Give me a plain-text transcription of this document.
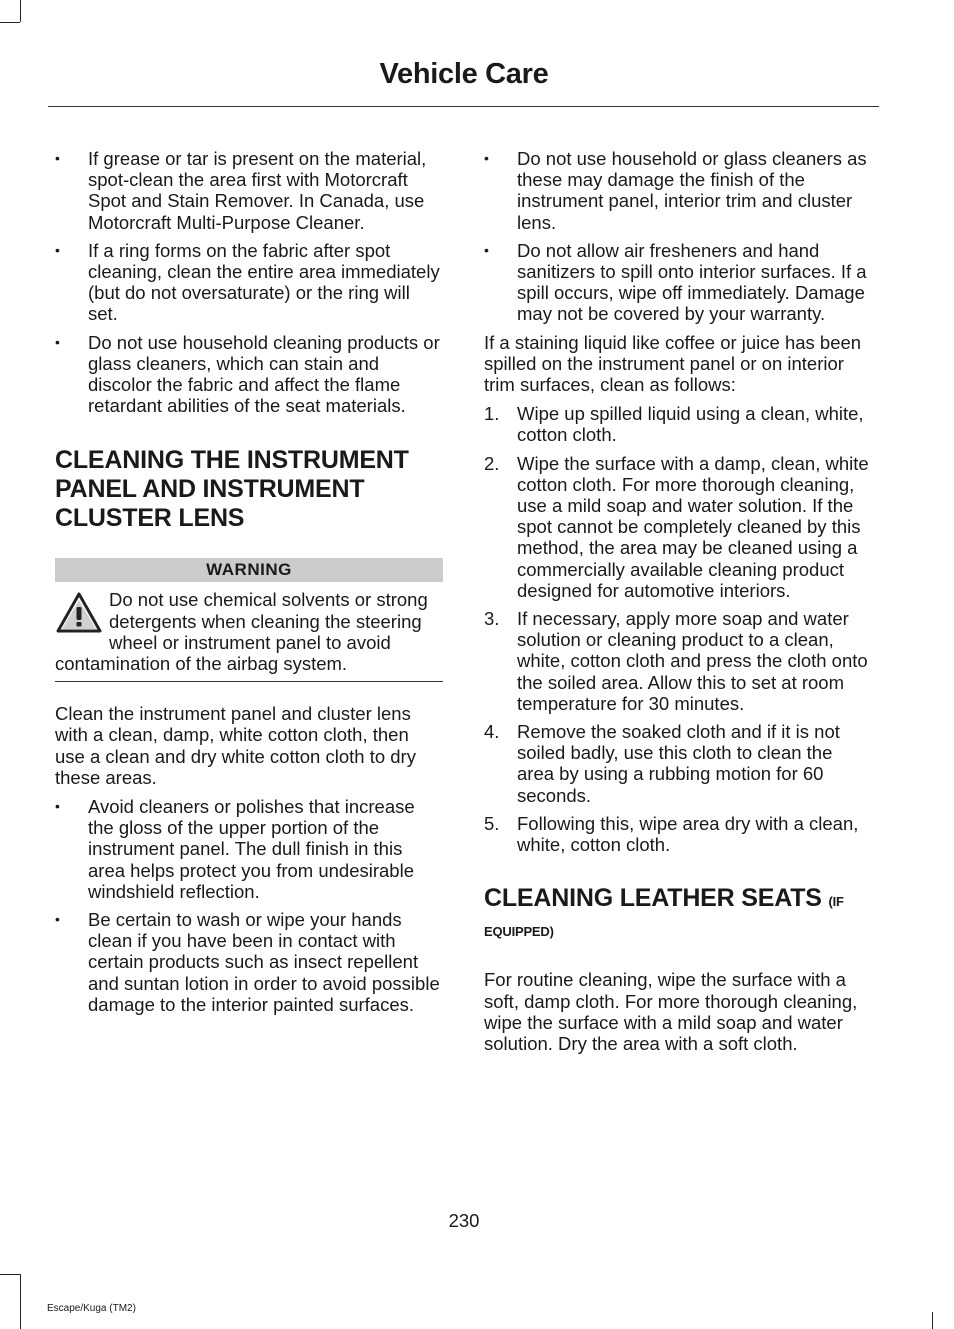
Vehicle Care
• If grease or tar is present on the material, spot-clean the area first with Motorcraft Spot and Stain Remover. In Canada, use Motorcraft Multi-Purpose Cleaner.
• If a ring forms on the fabric after spot cleaning, clean the entire area immediately (but do not oversaturate) or the ring will set.
• Do not use household cleaning products or glass cleaners, which can stain and discolor the fabric and affect the flame retardant abilities of the seat materials.
CLEANING THE INSTRUMENT PANEL AND INSTRUMENT CLUSTER LENS
WARNING
Do not use chemical solvents or strong detergents when cleaning the steering wheel or instrument panel to avoid contamination of the airbag system.

Clean the instrument panel and cluster lens with a clean, damp, white cotton cloth, then use a clean and dry white cotton cloth to dry these areas.

• Avoid cleaners or polishes that increase the gloss of the upper portion of the instrument panel. The dull finish in this area helps protect you from undesirable windshield reflection.
• Be certain to wash or wipe your hands clean if you have been in contact with certain products such as insect repellent and suntan lotion in order to avoid possible damage to the interior painted surfaces.
• Do not use household or glass cleaners as these may damage the finish of the instrument panel, interior trim and cluster lens.
• Do not allow air fresheners and hand sanitizers to spill onto interior surfaces. If a spill occurs, wipe off immediately. Damage may not be covered by your warranty.

If a staining liquid like coffee or juice has been spilled on the instrument panel or on interior trim surfaces, clean as follows:

1. Wipe up spilled liquid using a clean, white, cotton cloth.
2. Wipe the surface with a damp, clean, white cotton cloth. For more thorough cleaning, use a mild soap and water solution. If the spot cannot be completely cleaned by this method, the area may be cleaned using a commercially available cleaning product designed for automotive interiors.
3. If necessary, apply more soap and water solution or cleaning product to a clean, white, cotton cloth and press the cloth onto the soiled area. Allow this to set at room temperature for 30 minutes.
4. Remove the soaked cloth and if it is not soiled badly, use this cloth to clean the area by using a rubbing motion for 60 seconds.
5. Following this, wipe area dry with a clean, white, cotton cloth.
CLEANING LEATHER SEATS (IF EQUIPPED)

For routine cleaning, wipe the surface with a soft, damp cloth. For more thorough cleaning, wipe the surface with a mild soap and water solution. Dry the area with a soft cloth.

230
Escape/Kuga (TM2)
